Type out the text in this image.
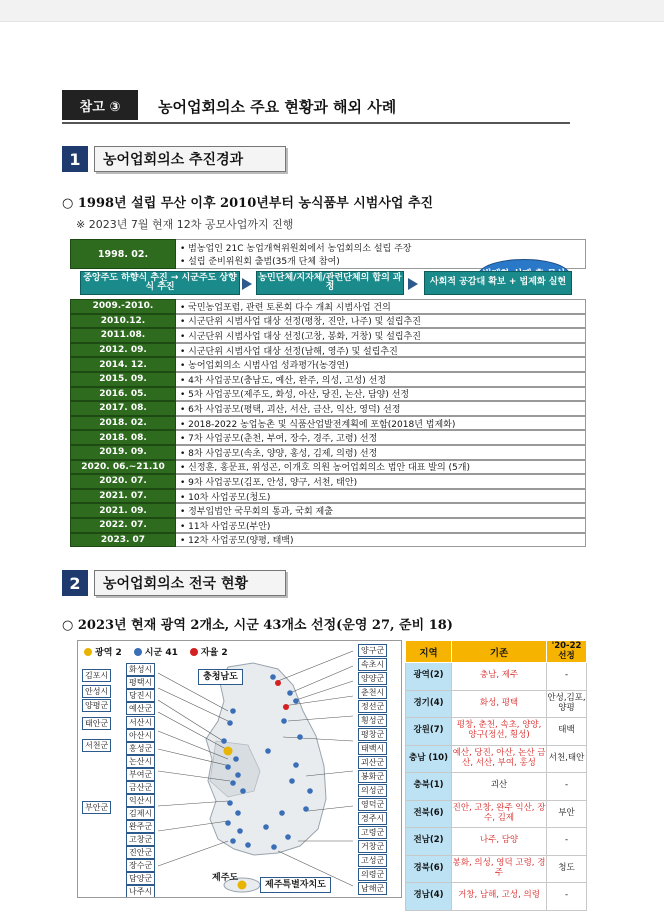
참고 ③	농어업회의소 주요 현황과 해외 사례
1	농어업회의소 추진경과
○ 1998년 설립 무산 이후 2010년부터 농식품부 시범사업 추진
※ 2023년 7월 현재 12차 공모사업까지 진행
1998. 02.	• 범농업인 21C 농업개혁위원회에서 농업회의소 설립 주장
• 설립 준비위원회 출범(35개 단체 참여)
중앙주도 하향식 추진 → 시군주도 상향식 추진
농민단체/지자체/관련단체의 합의 과정	사회적 공감대 확보 + 법제화 실현
2009.-2010.	• 국민농업포럼, 관련 토론회 다수 개최 시범사업 건의
2010.12.	• 시군단위 시범사업 대상 선정(평창, 진안, 나주) 및 설립추진
2011.08.	• 시군단위 시범사업 대상 선정(고창, 봉화, 거창) 및 설립추진
2012. 09.	• 시군단위 시범사업 대상 선정(남해, 영주) 및 설립추진
2014. 12.	• 농어업회의소 시범사업 성과평가(농경연)
2015. 09.	• 4차 사업공모(충남도, 예산, 완주, 의성, 고성) 선정
2016. 05.	• 5차 사업공모(제주도, 화성, 아산, 당진, 논산, 담양) 선정
2017. 08.	• 6차 사업공모(평택, 괴산, 서산, 금산, 익산, 영덕) 선정
2018. 02.	• 2018-2022 농업농촌 및 식품산업발전계획에 포함(2018년 법제화)
2018. 08.	• 7차 사업공모(춘천, 부여, 장수, 경주, 고령) 선정
2019. 09.	• 8차 사업공모(속초, 양양, 홍성, 김제, 의령) 선정
2020. 06.~21.10	• 신정훈, 홍문표, 위성곤, 이개호 의원 농어업회의소 법안 대표 발의 (5개)
2020. 07.	• 9차 사업공모(김포, 안성, 양구, 서천, 태안)
2021. 07.	• 10차 사업공모(청도)
2021. 09.	• 정부입법안 국무회의 통과, 국회 제출
2022. 07.	• 11차 사업공모(부안)
2023. 07	• 12차 사업공모(양평, 태백)
2	농어업회의소 전국 현황
○ 2023년 현재 광역 2개소, 시군 43개소 선정(운영 27, 준비 18)
광역 2	시군 41	자율 2
충청남도
제주도
제주특별자치도
김포시
안성시
양평군
태안군
서천군
부안군
화성시
평택시
당진시
예산군
서산시
아산시
홍성군
논산시
부여군
금산군
익산시
김제시
완주군
고창군
진안군
장수군
담양군
나주시
양구군
속초시
양양군
춘천시
정선군
횡성군
평창군
태백시
괴산군
봉화군
의성군
영덕군
경주시
고령군
거창군
고성군
의령군
남해군
지역	기존	'20-22 선정
광역(2)	충남, 제주	-
경기(4)	화성, 평택	안성,김포, 양평
강원(7)	평창, 춘천, 속초, 양양, 양구(정선, 횡성)	태백
충남 (10)	예산, 당진, 아산, 논산 금산, 서산, 부여, 홍성	서천,태안
충북(1)	괴산	-
전북(6)	진안, 고창, 완주 익산, 장수, 김제	부안
전남(2)	나주, 담양	-
경북(6)	봉화, 의성, 영덕 고령, 경주	청도
경남(4)	거창, 남해, 고성, 의령	-
